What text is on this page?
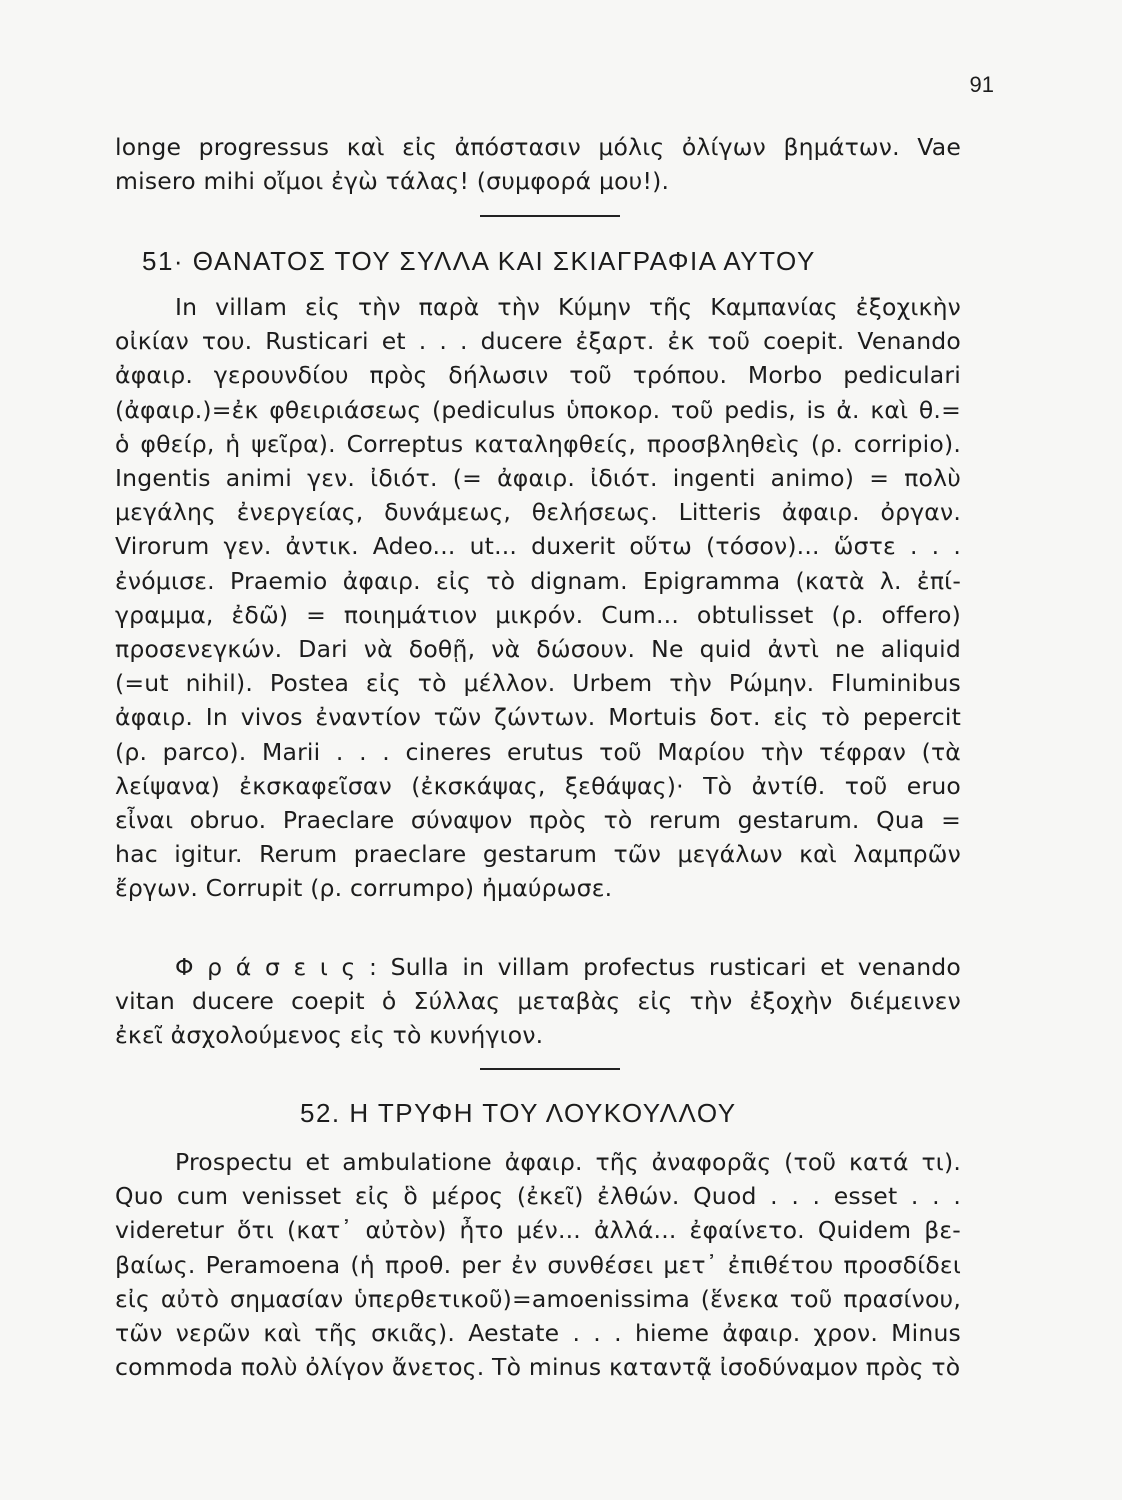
91
longe progressus καὶ εἰς ἀπόστασιν μόλις ὀλίγων βημάτων. Vae
misero mihi οἴμοι ἐγὼ τάλας! (συμφορά μου!).
51· ΘΑΝΑΤΟΣ ΤΟΥ ΣΥΛΛΑ ΚΑΙ ΣΚΙΑΓΡΑΦΙΑ ΑΥΤΟΥ
In villam εἰς τὴν παρὰ τὴν Κύμην τῆς Καμπανίας ἐξοχικὴν
οἰκίαν του. Rusticari et . . . ducere ἐξαρτ. ἐκ τοῦ coepit. Venando
ἀφαιρ. γερουνδίου πρὸς δήλωσιν τοῦ τρόπου. Morbo pediculari
(ἀφαιρ.)=ἐκ φθειριάσεως (pediculus ὑποκορ. τοῦ pedis, is ἀ. καὶ θ.=
ὁ φθείρ, ἡ ψεῖρα). Correptus καταληφθείς, προσβληθεὶς (ρ. corripio).
Ingentis animi γεν. ἰδιότ. (= ἀφαιρ. ἰδιότ. ingenti animo) = πολὺ
μεγάλης ἐνεργείας, δυνάμεως, θελήσεως. Litteris ἀφαιρ. ὀργαν.
Virorum γεν. ἀντικ. Adeo... ut... duxerit οὕτω (τόσον)... ὥστε . . .
ἐνόμισε. Praemio ἀφαιρ. εἰς τὸ dignam. Epigramma (κατὰ λ. ἐπί-
γραμμα, ἐδῶ) = ποιημάτιον μικρόν. Cum... obtulisset (ρ. offero)
προσενεγκών. Dari νὰ δοθῇ, νὰ δώσουν. Ne quid ἀντὶ ne aliquid
(=ut nihil). Postea εἰς τὸ μέλλον. Urbem τὴν Ρώμην. Fluminibus
ἀφαιρ. In vivos ἐναντίον τῶν ζώντων. Mortuis δοτ. εἰς τὸ pepercit
(ρ. parco). Marii . . . cineres erutus τοῦ Μαρίου τὴν τέφραν (τὰ
λείψανα) ἐκσκαφεῖσαν (ἐκσκάψας, ξεθάψας)· Τὸ ἀντίθ. τοῦ eruo
εἶναι obruo. Praeclare σύναψον πρὸς τὸ rerum gestarum. Qua =
hac igitur. Rerum praeclare gestarum τῶν μεγάλων καὶ λαμπρῶν
ἔργων. Corrupit (ρ. corrumpo) ἠμαύρωσε.
Φ ρ ά σ ε ι ς : Sulla in villam profectus rusticari et venando
vitan ducere coepit ὁ Σύλλας μεταβὰς εἰς τὴν ἐξοχὴν διέμεινεν
ἐκεῖ ἀσχολούμενος εἰς τὸ κυνήγιον.
52. Η ΤΡΥΦΗ ΤΟΥ ΛΟΥΚΟΥΛΛΟΥ
Prospectu et ambulatione ἀφαιρ. τῆς ἀναφορᾶς (τοῦ κατά τι).
Quo cum venisset εἰς ὃ μέρος (ἐκεῖ) ἐλθών. Quod . . . esset . . .
videretur ὅτι (κατ᾽ αὐτὸν) ἦτο μέν... ἀλλά... ἐφαίνετο. Quidem βε-
βαίως. Peramoena (ἡ προθ. per ἐν συνθέσει μετ᾽ ἐπιθέτου προσδίδει
εἰς αὐτὸ σημασίαν ὑπερθετικοῦ)=amoenissima (ἕνεκα τοῦ πρασίνου,
τῶν νερῶν καὶ τῆς σκιᾶς). Aestate . . . hieme ἀφαιρ. χρον. Minus
commoda πολὺ ὀλίγον ἄνετος. Τὸ minus καταντᾷ ἰσοδύναμον πρὸς τὸ
